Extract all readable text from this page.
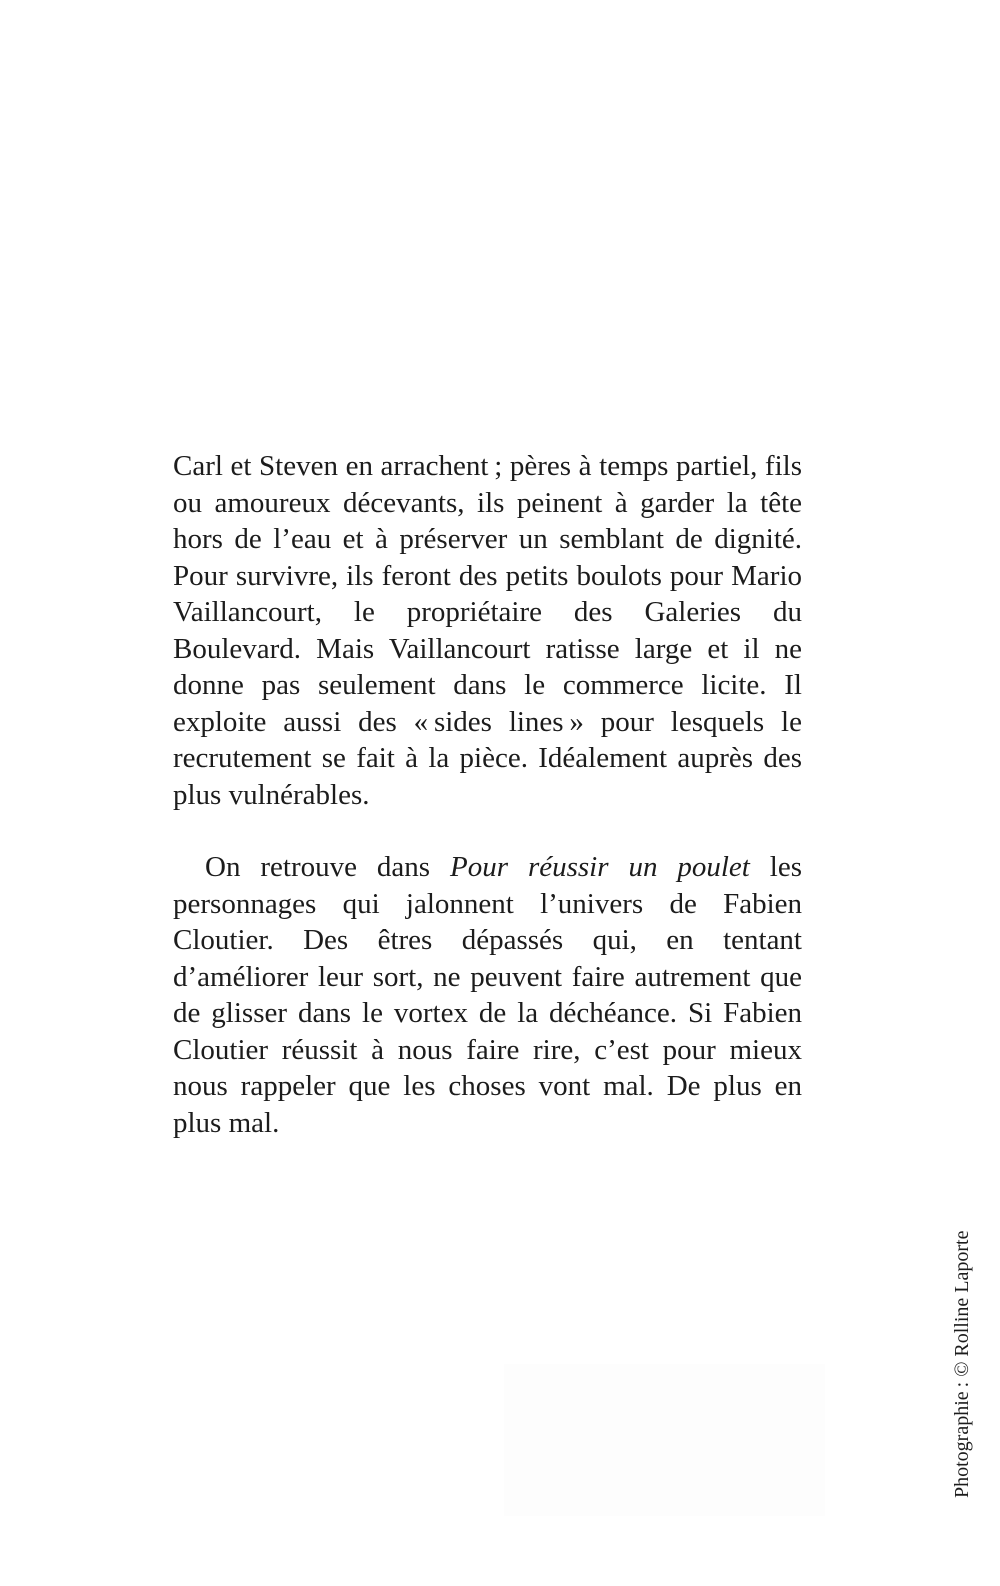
Carl et Steven en arrachent ; pères à temps partiel, fils ou amoureux décevants, ils peinent à garder la tête hors de l’eau et à préserver un semblant de dignité. Pour survivre, ils feront des petits boulots pour Mario Vaillancourt, le propriétaire des Galeries du Boulevard. Mais Vaillancourt ratisse large et il ne donne pas seulement dans le commerce licite. Il exploite aussi des « sides lines » pour lesquels le recrutement se fait à la pièce. Idéalement auprès des plus vulnérables.

On retrouve dans Pour réussir un poulet les personnages qui jalonnent l’univers de Fabien Cloutier. Des êtres dépassés qui, en tentant d’améliorer leur sort, ne peuvent faire autrement que de glisser dans le vortex de la déchéance. Si Fabien Cloutier réussit à nous faire rire, c’est pour mieux nous rappeler que les choses vont mal. De plus en plus mal.

Photographie : © Rolline Laporte
